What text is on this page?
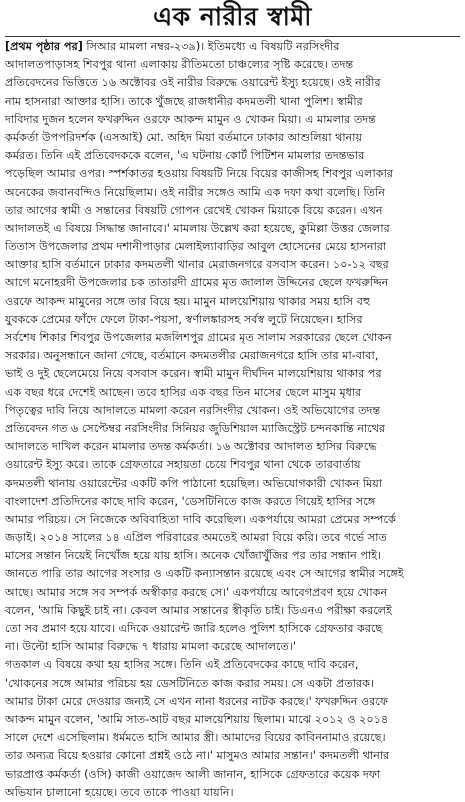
এক নারীর স্বামী
[প্রথম পৃষ্ঠার পর] সিআর মামলা নম্বর-২৩৯)। ইতিমধ্যে এ বিষয়টি নরসিংদীর
আদালতপাড়াসহ শিবপুর থানা এলাকায় রীতিমতো চাঞ্চল্যের সৃষ্টি করেছে। তদন্ত
প্রতিবেদনের ভিত্তিতে ১৬ অক্টোবর ওই নারীর বিরুদ্ধে ওয়ারেন্ট ইস্যু হয়েছে। ওই নারীর
নাম হাসনারা আক্তার হাসি। তাকে খুঁজছে রাজধানীর কদমতলী থানা পুলিশ। স্বামীর
দাবিদার দুজন হলেন ফখরুদ্দিন ওরফে আকন্দ মামুন ও খোকন মিয়া। এ মামলার তদন্ত
কর্মকর্তা উপপরিদর্শক (এসআই) মো. অহিদ মিয়া বর্তমানে ঢাকার আশুলিয়া থানায়
কর্মরত। তিনি এই প্রতিবেদককে বলেন, 'এ ঘটনায় কোর্ট পিটিশন মামলার তদন্তভার
পড়েছিল আমার ওপর। স্পর্শকাতর হওয়ায় বিষয়টি নিয়ে বিয়ের কাজীসহ শিবপুর এলাকার
অনেকের জবানবন্দিও নিয়েছিলাম। ওই নারীর সঙ্গেও আমি এক দফা কথা বলেছি। তিনি
তার আগের স্বামী ও সন্তানের বিষয়টি গোপন রেখেই খোকন মিয়াকে বিয়ে করেন। এখন
আদালতই এ বিষয়ে সিদ্ধান্ত জানাবে।' মামলায় উল্লেখ করা হয়েছে, কুমিল্লা উত্তর জেলার
তিতাস উপজেলার প্রথম দশানীপাড়ার মেলাইল্যাবাড়ির আবুল হোসেনের মেয়ে হাসনারা
আক্তার হাসি বর্তমানে ঢাকার কদমতলী থানার মেরাজনগরে বসবাস করেন। ১০-১২ বছর
আগে মনোহরদী উপজেলার চক তাতারদী গ্রামের মৃত জালাল উদ্দিনের ছেলে ফখরুদ্দিন
ওরফে আকন্দ মামুনের সঙ্গে তার বিয়ে হয়। মামুন মালয়েশিয়ায় থাকার সময় হাসি বহু
যুবককে প্রেমের ফাঁদে ফেলে টাকা-পয়সা, স্বর্ণালঙ্কারসহ সর্বস্ব লুটে নিয়েছেন। হাসির
সর্বশেষ শিকার শিবপুর উপজেলার মজলিশপুর গ্রামের মৃত সালাম সরকারের ছেলে খোকন
সরকার। অনুসন্ধানে জানা গেছে, বর্তমানে কদমতলীর মেরাজনগরে হাসি তার মা-বাবা,
ভাই ও দুই ছেলেমেয়ে নিয়ে বসবাস করেন। স্বামী মামুন দীর্ঘদিন মালয়েশিয়ায় থাকার পর
এক বছর ধরে দেশেই আছেন। তবে হাসির এক বছর তিন মাসের ছেলে মাসুম মৃধার
পিতৃত্বের দাবি নিয়ে আদালতে মামলা করেন নরসিংদীর খোকন। ওই অভিযোগের তদন্ত
প্রতিবেদন গত ৬ সেপ্টেম্বর নরসিংদীর সিনিয়র জুডিশিয়াল ম্যাজিস্ট্রেট চন্দনকান্তি নাথের
আদালতে দাখিল করেন মামলার তদন্ত কর্মকর্তা। ১৬ অক্টোবর আদালত হাসির বিরুদ্ধে
ওয়ারেন্ট ইস্যু করে। তাকে গ্রেফতারে সহায়তা চেয়ে শিবপুর থানা থেকে তারবার্তায়
কদমতলী থানায় ওয়ারেন্টের একটি কপি পাঠানো হয়েছিল। অভিযোগকারী খোকন মিয়া
বাংলাদেশ প্রতিদিনের কাছে দাবি করেন, 'ডেসটিনিতে কাজ করতে গিয়েই হাসির সঙ্গে
আমার পরিচয়। সে নিজেকে অবিবাহিতা দাবি করেছিল। একপর্যায়ে আমরা প্রেমের সম্পর্কে
জড়াই। ২০১৪ সালের ১৪ এপ্রিল পরিবারের অমতেই আমরা বিয়ে করি। তবে গর্ভে সাত
মাসের সন্তান নিয়েই নিখোঁজ হয়ে যায় হাসি। অনেক খোঁজাখুঁজির পর তার সন্ধান পাই।
জানতে পারি তার আগের সংসার ও একটি কন্যাসন্তান রয়েছে এবং সে আগের স্বামীর সঙ্গেই
আছে। আমার সঙ্গে সব সম্পর্ক অস্বীকার করছে সে।' একপর্যায়ে আবেগপ্রবণ হয়ে খোকন
বলেন, 'আমি কিছুই চাই না। কেবল আমার সন্তানের স্বীকৃতি চাই। ডিএনএ পরীক্ষা করলেই
তো সব প্রমাণ হয়ে যাবে। এদিকে ওয়ারেন্ট জারি হলেও পুলিশ হাসিকে গ্রেফতার করছে
না। উল্টো হাসি আমার বিরুদ্ধে ৭ ধারায় মামলা করেছে আদালতে।'
গতকাল এ বিষয়ে কথা হয় হাসির সঙ্গে। তিনি এই প্রতিবেদকের কাছে দাবি করেন,
'খোকনের সঙ্গে আমার পরিচয় হয় ডেসটিনিতে কাজ করার সময়। সে একটা প্রতারক।
আমার টাকা মেরে দেওয়ার জন্যই সে এখন নানা ধরনের নাটক করছে।' ফখরুদ্দিন ওরফে
আকন্দ মামুন বলেন, 'আমি সাত-আট বছর মালয়েশিয়ায় ছিলাম। মাঝে ২০১২ ও ২০১৪
সালে দেশে এসেছিলাম। ধর্মমতে হাসি আমার স্ত্রী। আমাদের বিয়ের কাবিননামাও রয়েছে।
তার অন্যত্র বিয়ে হওয়ার কোনো প্রশ্নই ওঠে না।' মাসুমও আমার সন্তান।' কদমতলী থানার
ভারপ্রাপ্ত কর্মকর্তা (ওসি) কাজী ওয়াজেদ আলী জানান, হাসিকে গ্রেফতারে কয়েক দফা
অভিযান চালানো হয়েছে। তবে তাকে পাওয়া যায়নি।
